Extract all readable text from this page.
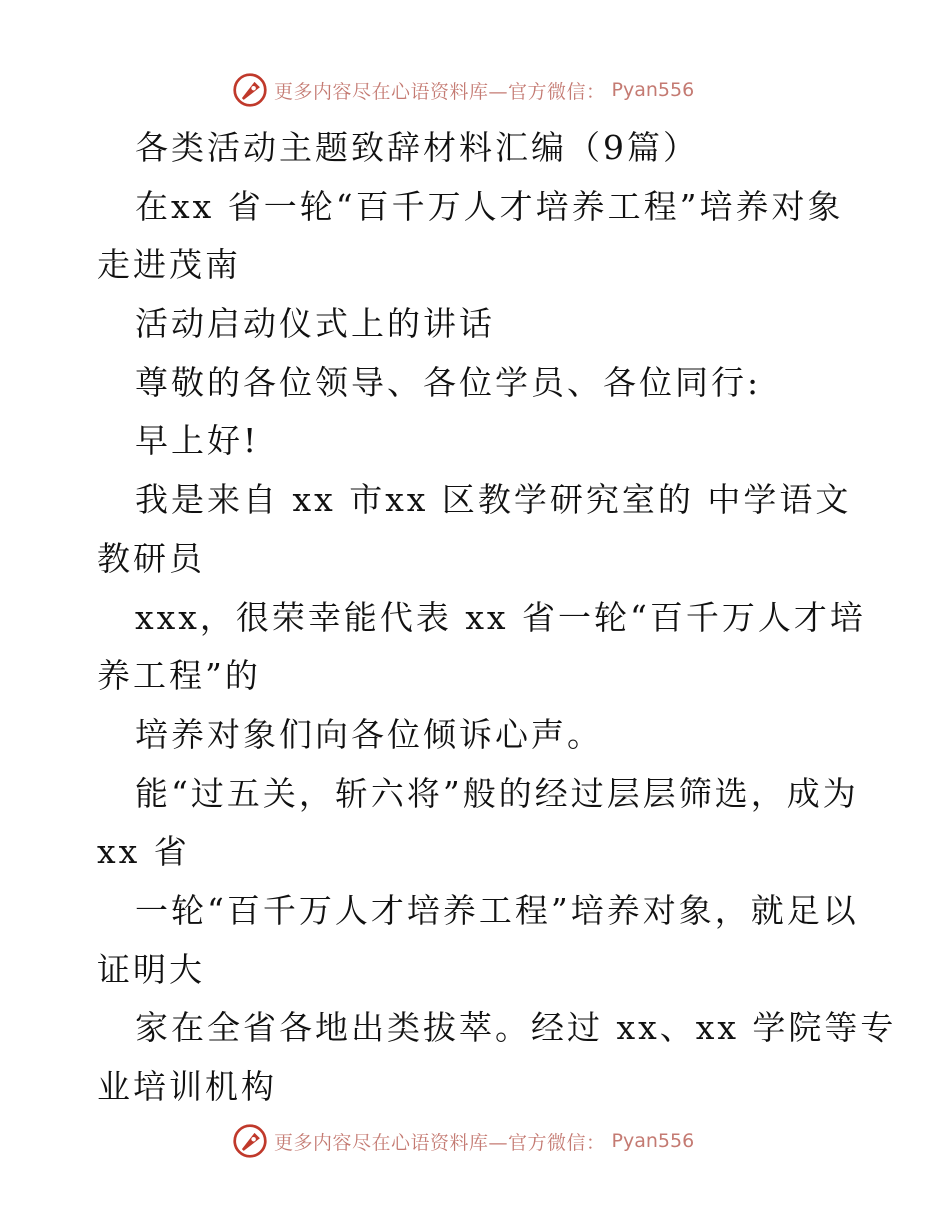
更多内容尽在心语资料库—官方微信： Pyan556
各类活动主题致辞材料汇编（9篇）
在xx 省一轮“百千万人才培养工程”培养对象
走进茂南
活动启动仪式上的讲话
尊敬的各位领导、各位学员、各位同行:
早上好!
我是来自 xx 市xx 区教学研究室的 中学语文
教研员
xxx，很荣幸能代表 xx 省一轮“百千万人才培
养工程”的
培养对象们向各位倾诉心声。
能“过五关，斩六将”般的经过层层筛选，成为
xx 省
一轮“百千万人才培养工程”培养对象，就足以
证明大
家在全省各地出类拔萃。经过 xx、xx 学院等专
业培训机构
更多内容尽在心语资料库—官方微信： Pyan556
